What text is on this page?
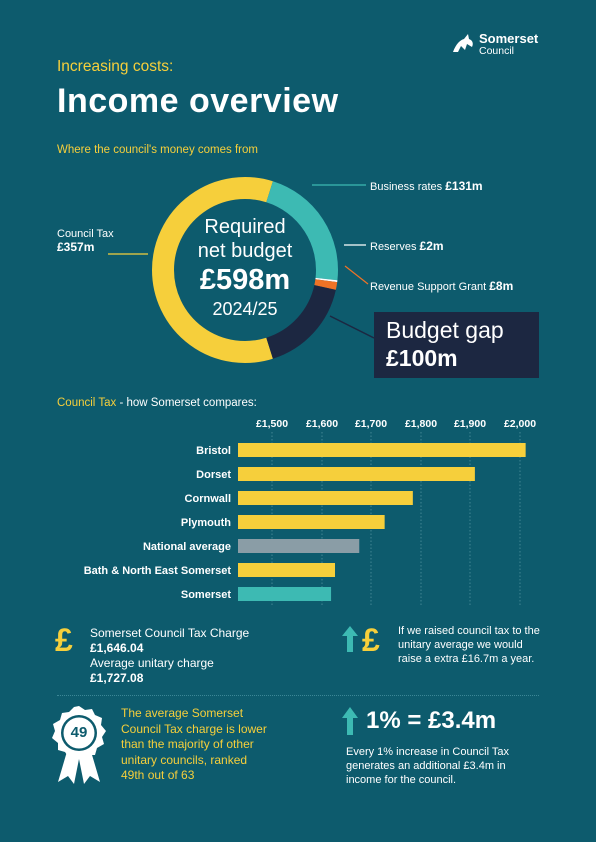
Somerset
Council
Increasing costs:
Income overview
Where the council's money comes from
Required
net budget
£598m
2024/25
Council Tax
£357m
Business rates £131m
Reserves £2m
Revenue Support Grant £8m
Budget gap
£100m
Council Tax - how Somerset compares:
£1,500 £1,600 £1,700 £1,800 £1,900 £2,000
Bristol
Dorset
Cornwall
Plymouth
National average
Bath & North East Somerset
Somerset
£ Somerset Council Tax Charge
£1,646.04
Average unitary charge
£1,727.08
£ If we raised council tax to the unitary average we would raise a extra £16.7m a year.
49
The average Somerset Council Tax charge is lower than the majority of other unitary councils, ranked 49th out of 63
1% = £3.4m
Every 1% increase in Council Tax generates an additional £3.4m in income for the council.
